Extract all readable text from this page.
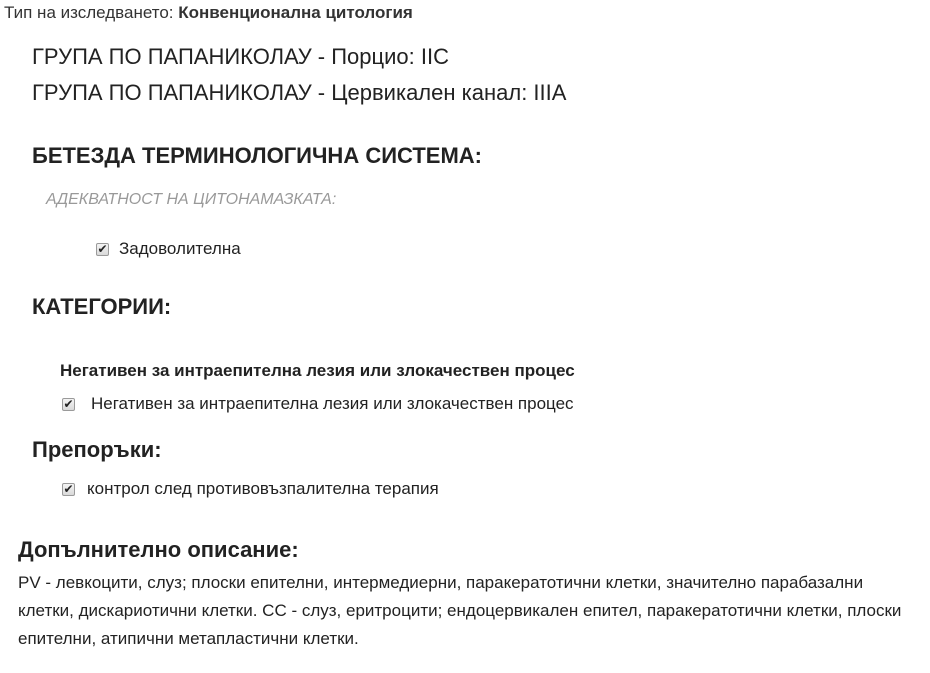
Тип на изследването: Конвенционална цитология
ГРУПА ПО ПАПАНИКОЛАУ - Порцио: IIC
ГРУПА ПО ПАПАНИКОЛАУ - Цервикален канал: IIIA
БЕТЕЗДА ТЕРМИНОЛОГИЧНА СИСТЕМА:
АДЕКВАТНОСТ НА ЦИТОНАМАЗКАТА:
✔ Задоволителна
КАТЕГОРИИ:
Негативен за интраепителна лезия или злокачествен процес
✔ Негативен за интраепителна лезия или злокачествен процес
Препоръки:
✔ контрол след противовъзпалителна терапия
Допълнително описание:
PV - левкоцити, слуз; плоски епителни, интермедиерни, паракератотични клетки, значително парабазални клетки, дискариотични клетки. CC - слуз, еритроцити; ендоцервикален епител, паракератотични клетки, плоски епителни, атипични метапластични клетки.
